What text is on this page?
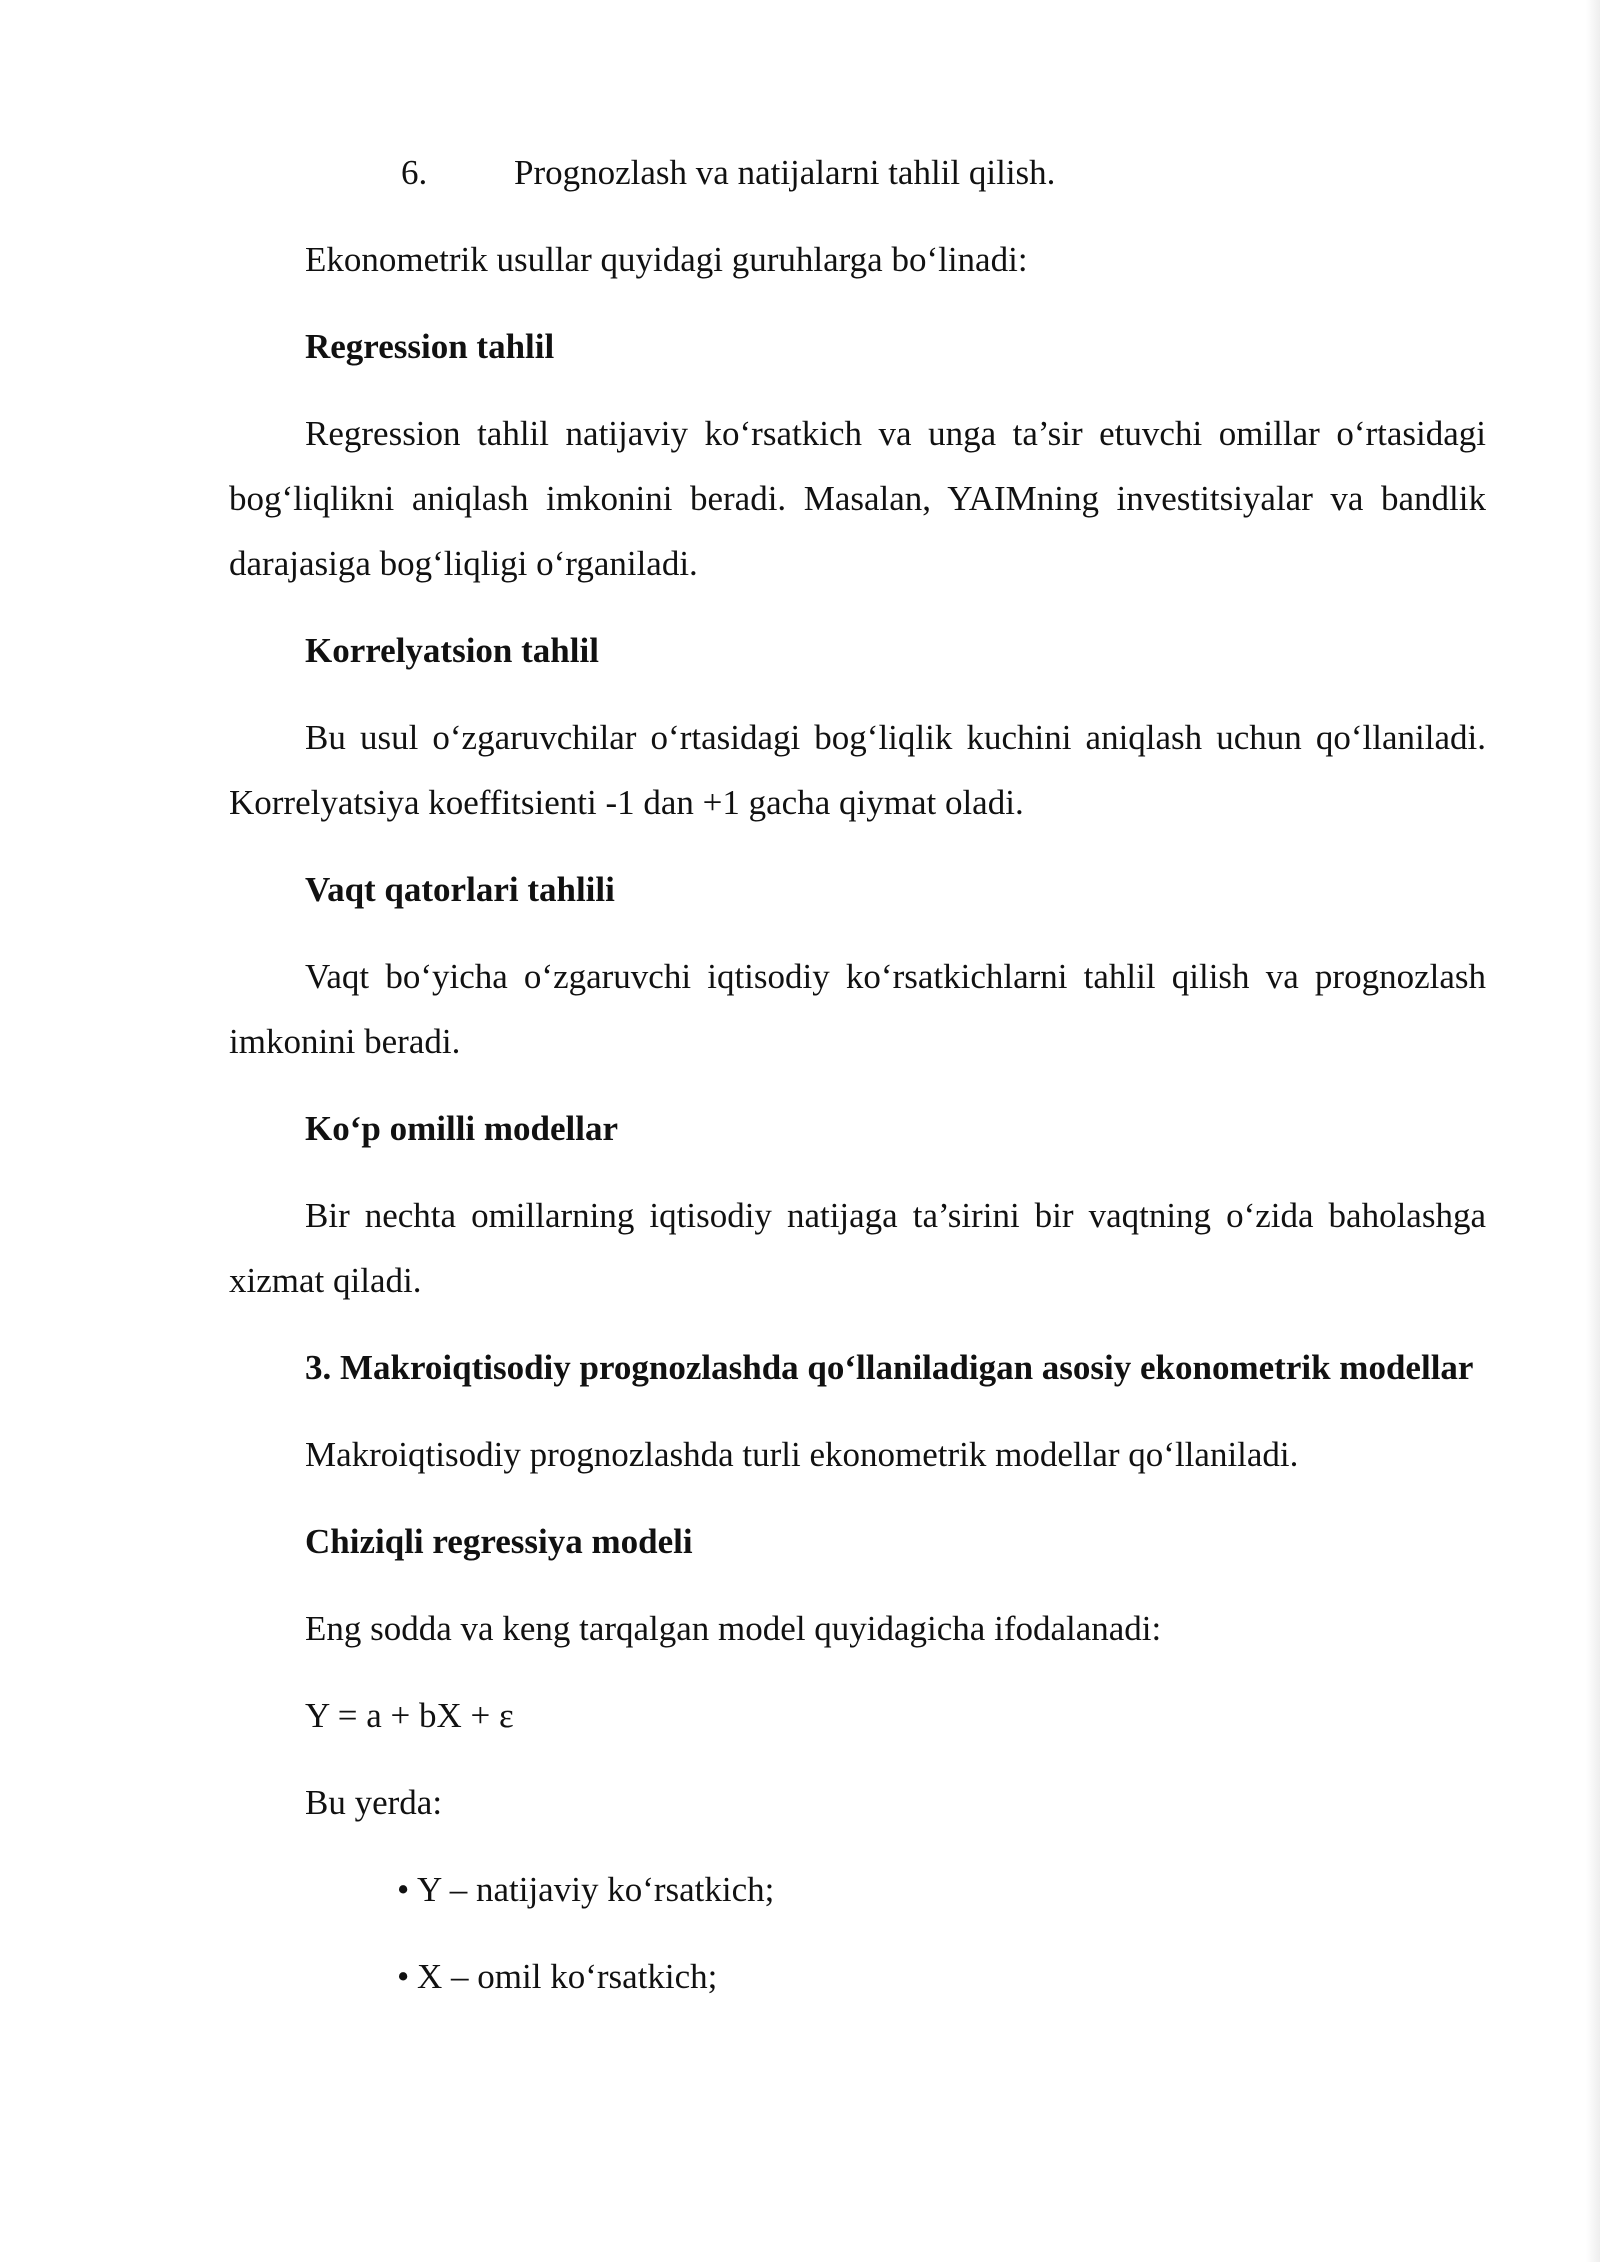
6. Prognozlash va natijalarni tahlil qilish.

Ekonometrik usullar quyidagi guruhlarga bo‘linadi:

Regression tahlil

Regression tahlil natijaviy ko‘rsatkich va unga ta’sir etuvchi omillar o‘rtasidagi bog‘liqlikni aniqlash imkonini beradi. Masalan, YAIMning investitsiyalar va bandlik darajasiga bog‘liqligi o‘rganiladi.

Korrelyatsion tahlil

Bu usul o‘zgaruvchilar o‘rtasidagi bog‘liqlik kuchini aniqlash uchun qo‘llaniladi. Korrelyatsiya koeffitsienti -1 dan +1 gacha qiymat oladi.

Vaqt qatorlari tahlili

Vaqt bo‘yicha o‘zgaruvchi iqtisodiy ko‘rsatkichlarni tahlil qilish va prognozlash imkonini beradi.

Ko‘p omilli modellar

Bir nechta omillarning iqtisodiy natijaga ta’sirini bir vaqtning o‘zida baholashga xizmat qiladi.

3. Makroiqtisodiy prognozlashda qo‘llaniladigan asosiy ekonometrik modellar

Makroiqtisodiy prognozlashda turli ekonometrik modellar qo‘llaniladi.

Chiziqli regressiya modeli

Eng sodda va keng tarqalgan model quyidagicha ifodalanadi:

Y = a + bX + ε

Bu yerda:

• Y – natijaviy ko‘rsatkich;
• X – omil ko‘rsatkich;
